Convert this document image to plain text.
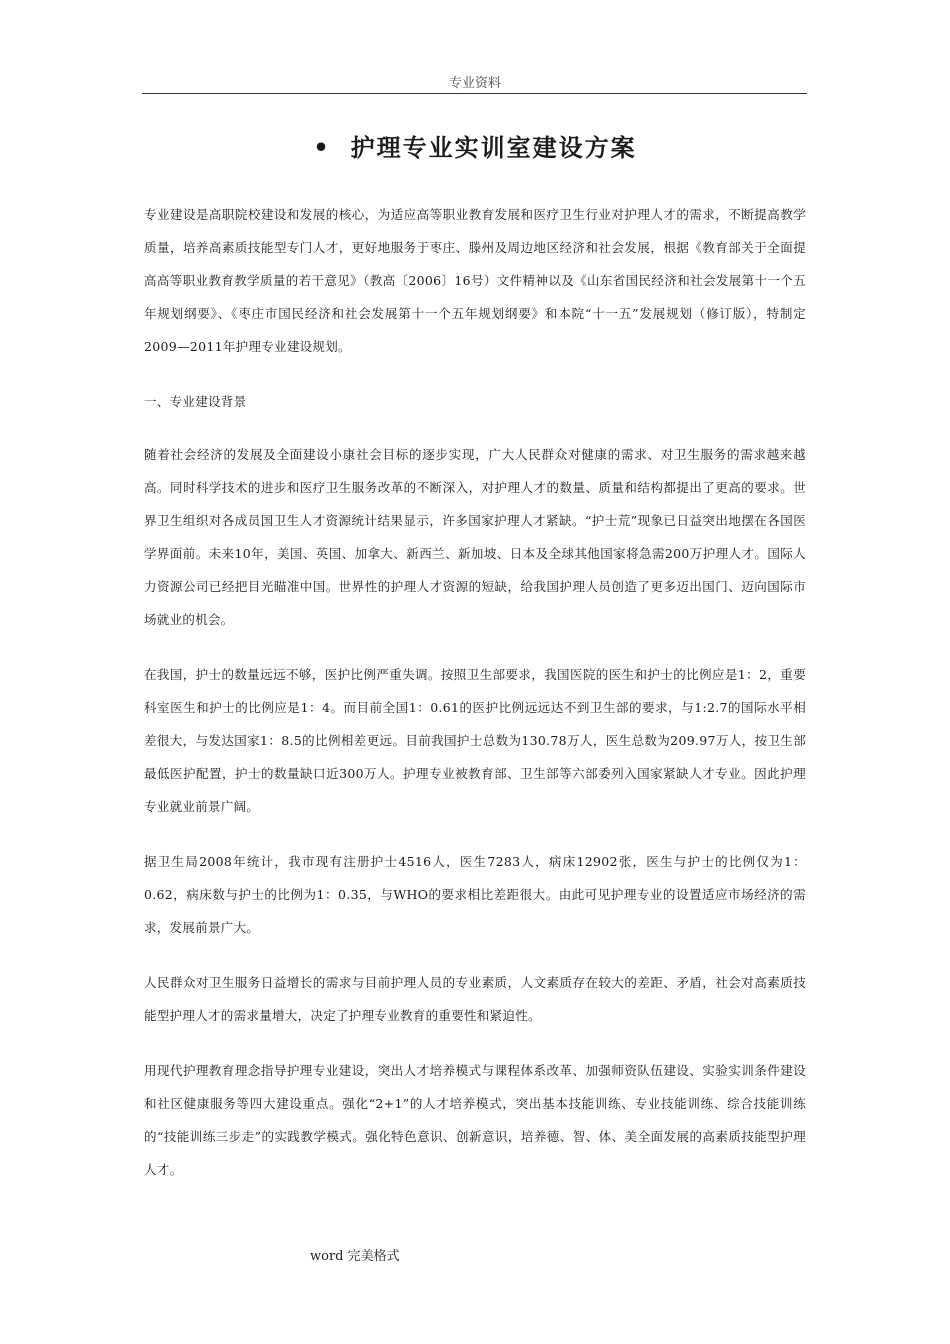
专业资料
• 护理专业实训室建设方案

专业建设是高职院校建设和发展的核心，为适应高等职业教育发展和医疗卫生行业对护理人才的需求，不断提高教学质量，培养高素质技能型专门人才，更好地服务于枣庄、滕州及周边地区经济和社会发展，根据《教育部关于全面提高高等职业教育教学质量的若干意见》（教高〔2006〕16号）文件精神以及《山东省国民经济和社会发展第十一个五年规划纲要》、《枣庄市国民经济和社会发展第十一个五年规划纲要》和本院“十一五”发展规划（修订版），特制定2009—2011年护理专业建设规划。

一、专业建设背景

随着社会经济的发展及全面建设小康社会目标的逐步实现，广大人民群众对健康的需求、对卫生服务的需求越来越高。同时科学技术的进步和医疗卫生服务改革的不断深入，对护理人才的数量、质量和结构都提出了更高的要求。世界卫生组织对各成员国卫生人才资源统计结果显示，许多国家护理人才紧缺。“护士荒”现象已日益突出地摆在各国医学界面前。未来10年，美国、英国、加拿大、新西兰、新加坡、日本及全球其他国家将急需200万护理人才。国际人力资源公司已经把目光瞄准中国。世界性的护理人才资源的短缺，给我国护理人员创造了更多迈出国门、迈向国际市场就业的机会。

在我国，护士的数量远远不够，医护比例严重失调。按照卫生部要求，我国医院的医生和护士的比例应是1：2，重要科室医生和护士的比例应是1：4。而目前全国1：0.61的医护比例远远达不到卫生部的要求，与1:2.7的国际水平相差很大，与发达国家1：8.5的比例相差更远。目前我国护士总数为130.78万人，医生总数为209.97万人，按卫生部最低医护配置，护士的数量缺口近300万人。护理专业被教育部、卫生部等六部委列入国家紧缺人才专业。因此护理专业就业前景广阔。

据卫生局2008年统计，我市现有注册护士4516人，医生7283人，病床12902张，医生与护士的比例仅为1：0.62，病床数与护士的比例为1：0.35，与WHO的要求相比差距很大。由此可见护理专业的设置适应市场经济的需求，发展前景广大。

人民群众对卫生服务日益增长的需求与目前护理人员的专业素质，人文素质存在较大的差距、矛盾，社会对高素质技能型护理人才的需求量增大，决定了护理专业教育的重要性和紧迫性。

用现代护理教育理念指导护理专业建设，突出人才培养模式与课程体系改革、加强师资队伍建设、实验实训条件建设和社区健康服务等四大建设重点。强化“2+1”的人才培养模式，突出基本技能训练、专业技能训练、综合技能训练的“技能训练三步走”的实践教学模式。强化特色意识、创新意识，培养德、智、体、美全面发展的高素质技能型护理人才。

word 完美格式
